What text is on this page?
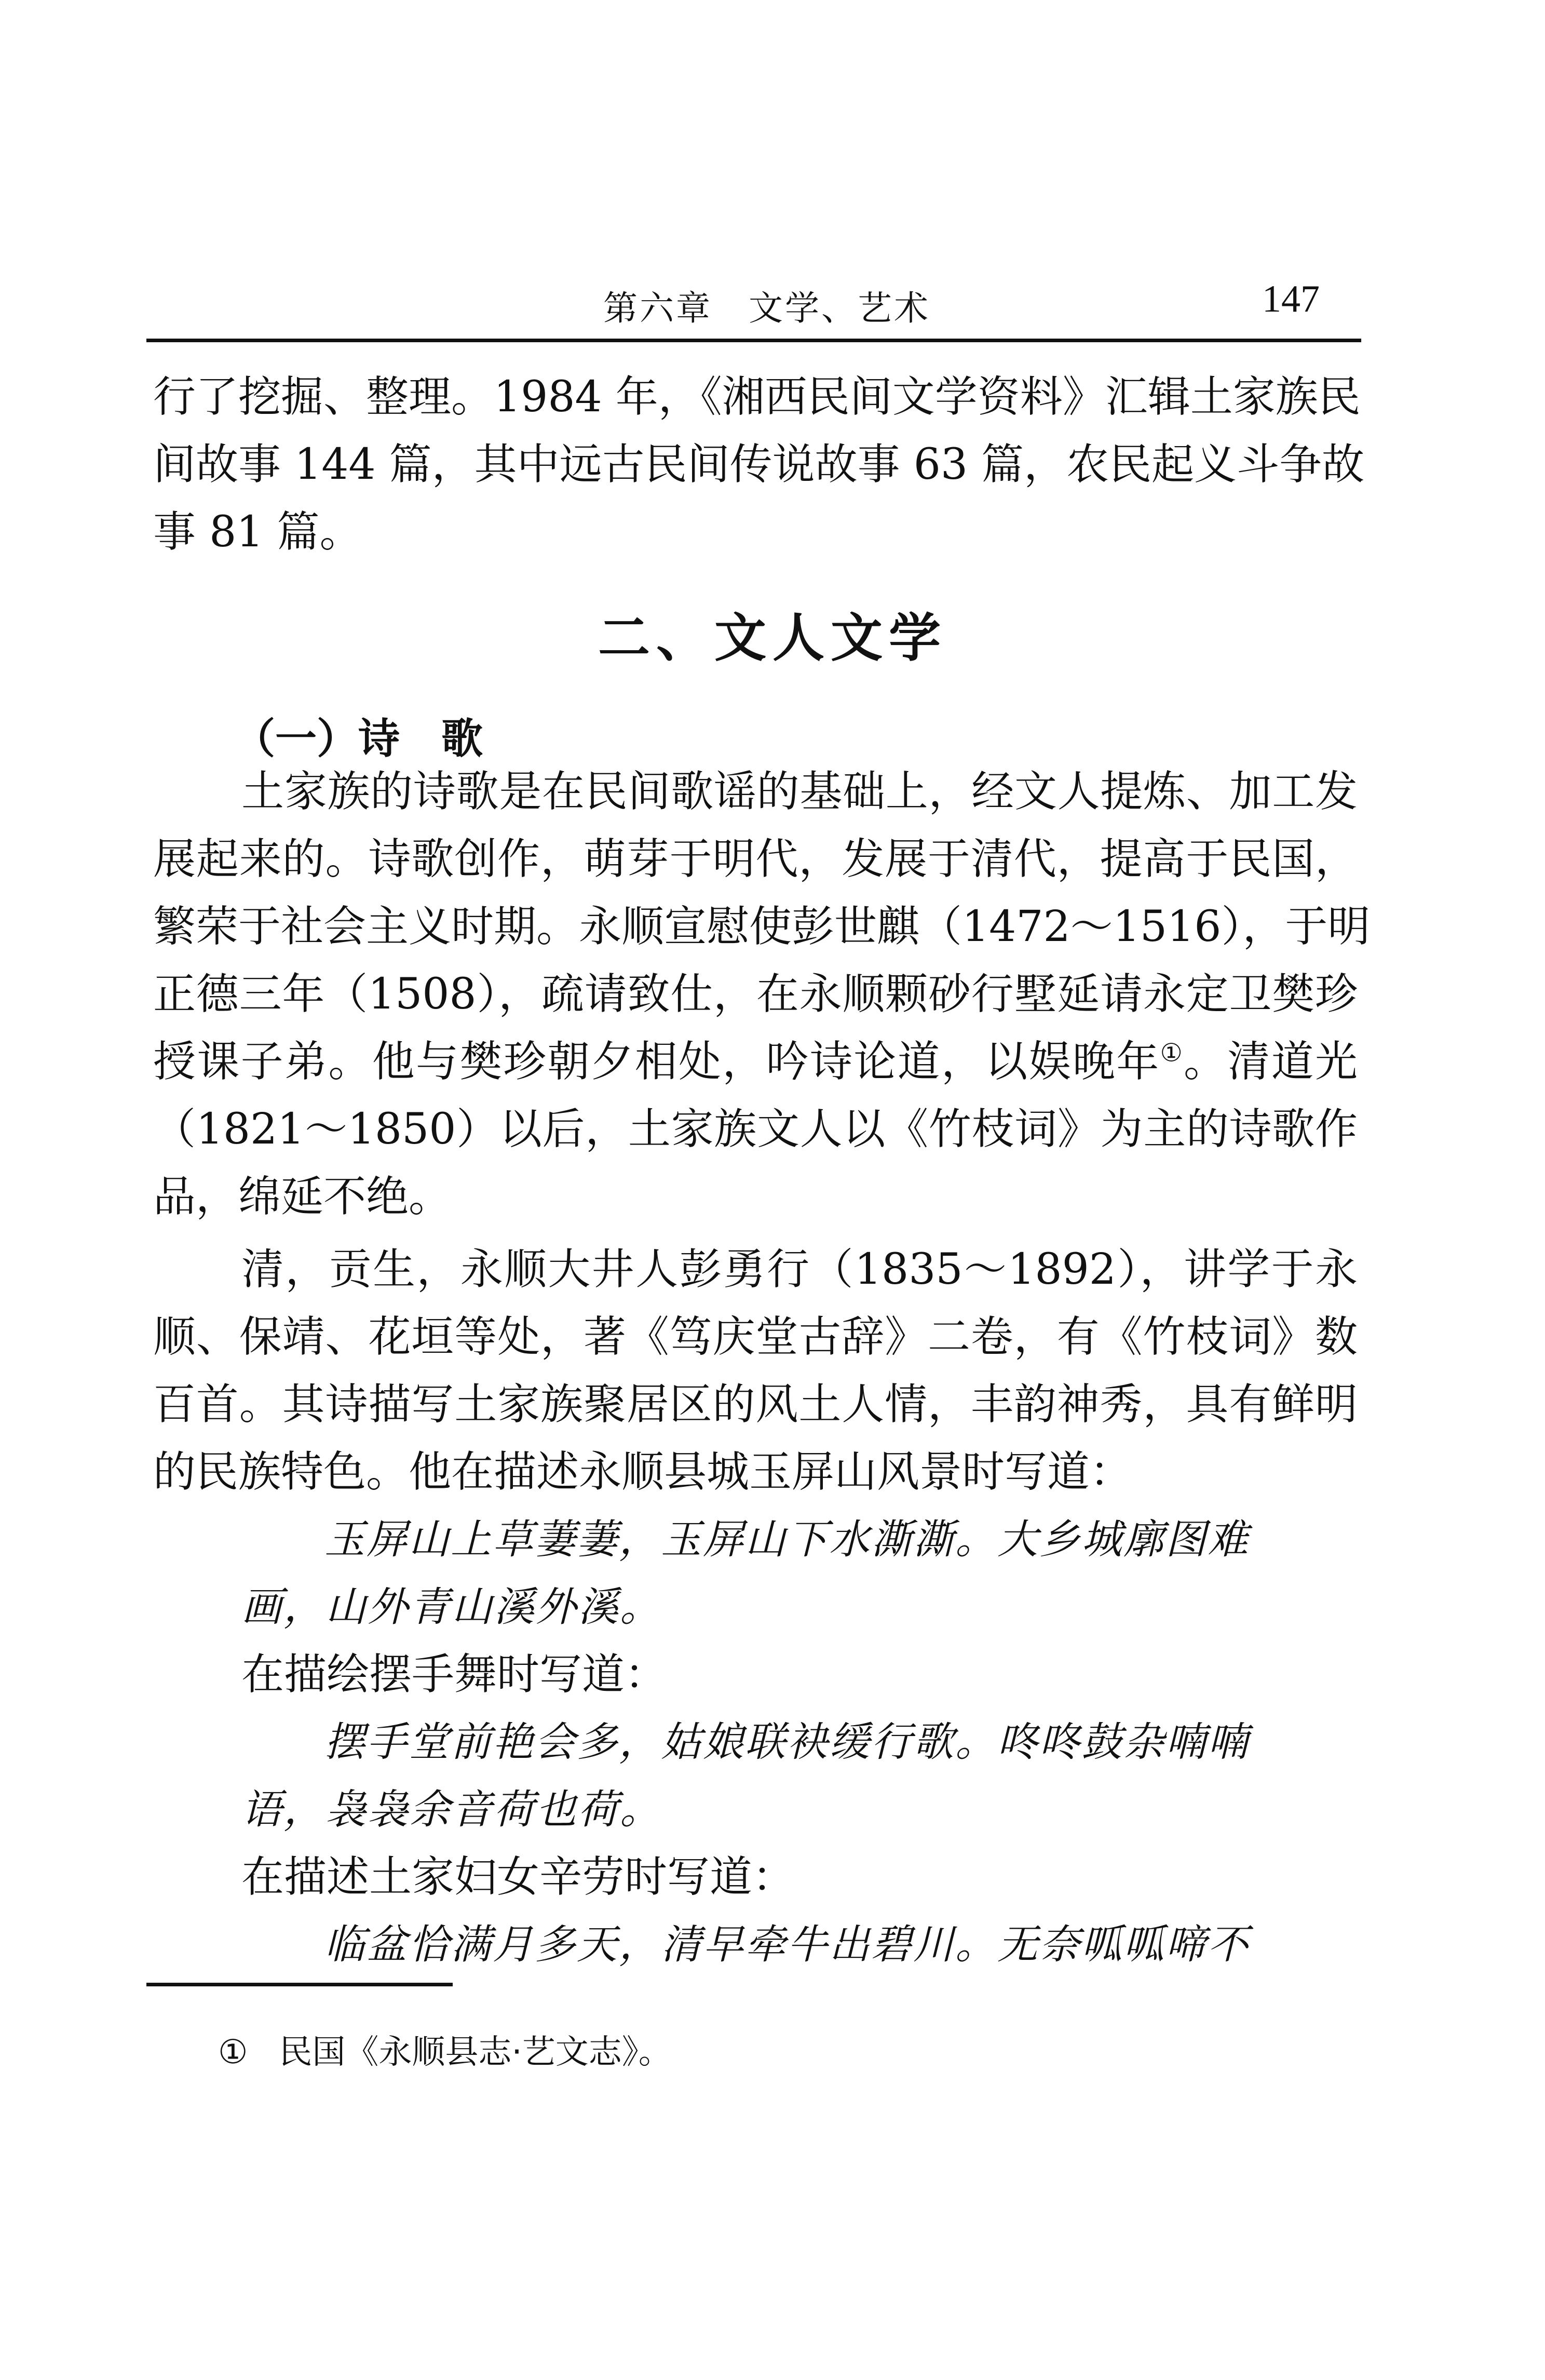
第六章　文学、艺术	147
行了挖掘、整理。1984 年，《湘西民间文学资料》汇辑土家族民
间故事 144 篇，其中远古民间传说故事 63 篇，农民起义斗争故
事 81 篇。
土家族的诗歌是在民间歌谣的基础上，经文人提炼、加工发
展起来的。诗歌创作，萌芽于明代，发展于清代，提高于民国，
繁荣于社会主义时期。永顺宣慰使彭世麒（1472～1516），于明
正德三年（1508），疏请致仕，在永顺颗砂行墅延请永定卫樊珍
授课子弟。他与樊珍朝夕相处，吟诗论道，以娱晚年①。清道光
（1821～1850）以后，土家族文人以《竹枝词》为主的诗歌作
品，绵延不绝。
清，贡生，永顺大井人彭勇行（1835～1892），讲学于永
顺、保靖、花垣等处，著《笃庆堂古辞》二卷，有《竹枝词》数
百首。其诗描写土家族聚居区的风土人情，丰韵神秀，具有鲜明
的民族特色。他在描述永顺县城玉屏山风景时写道：
玉屏山上草萋萋，玉屏山下水澌澌。大乡城廓图难
画，山外青山溪外溪。
在描绘摆手舞时写道：
摆手堂前艳会多，姑娘联袂缓行歌。咚咚鼓杂喃喃
语，袅袅余音荷也荷。
在描述土家妇女辛劳时写道：
临盆恰满月多天，清早牵牛出碧川。无奈呱呱啼不
二、文人文学
（一）诗　歌
① 民国《永顺县志·艺文志》。
